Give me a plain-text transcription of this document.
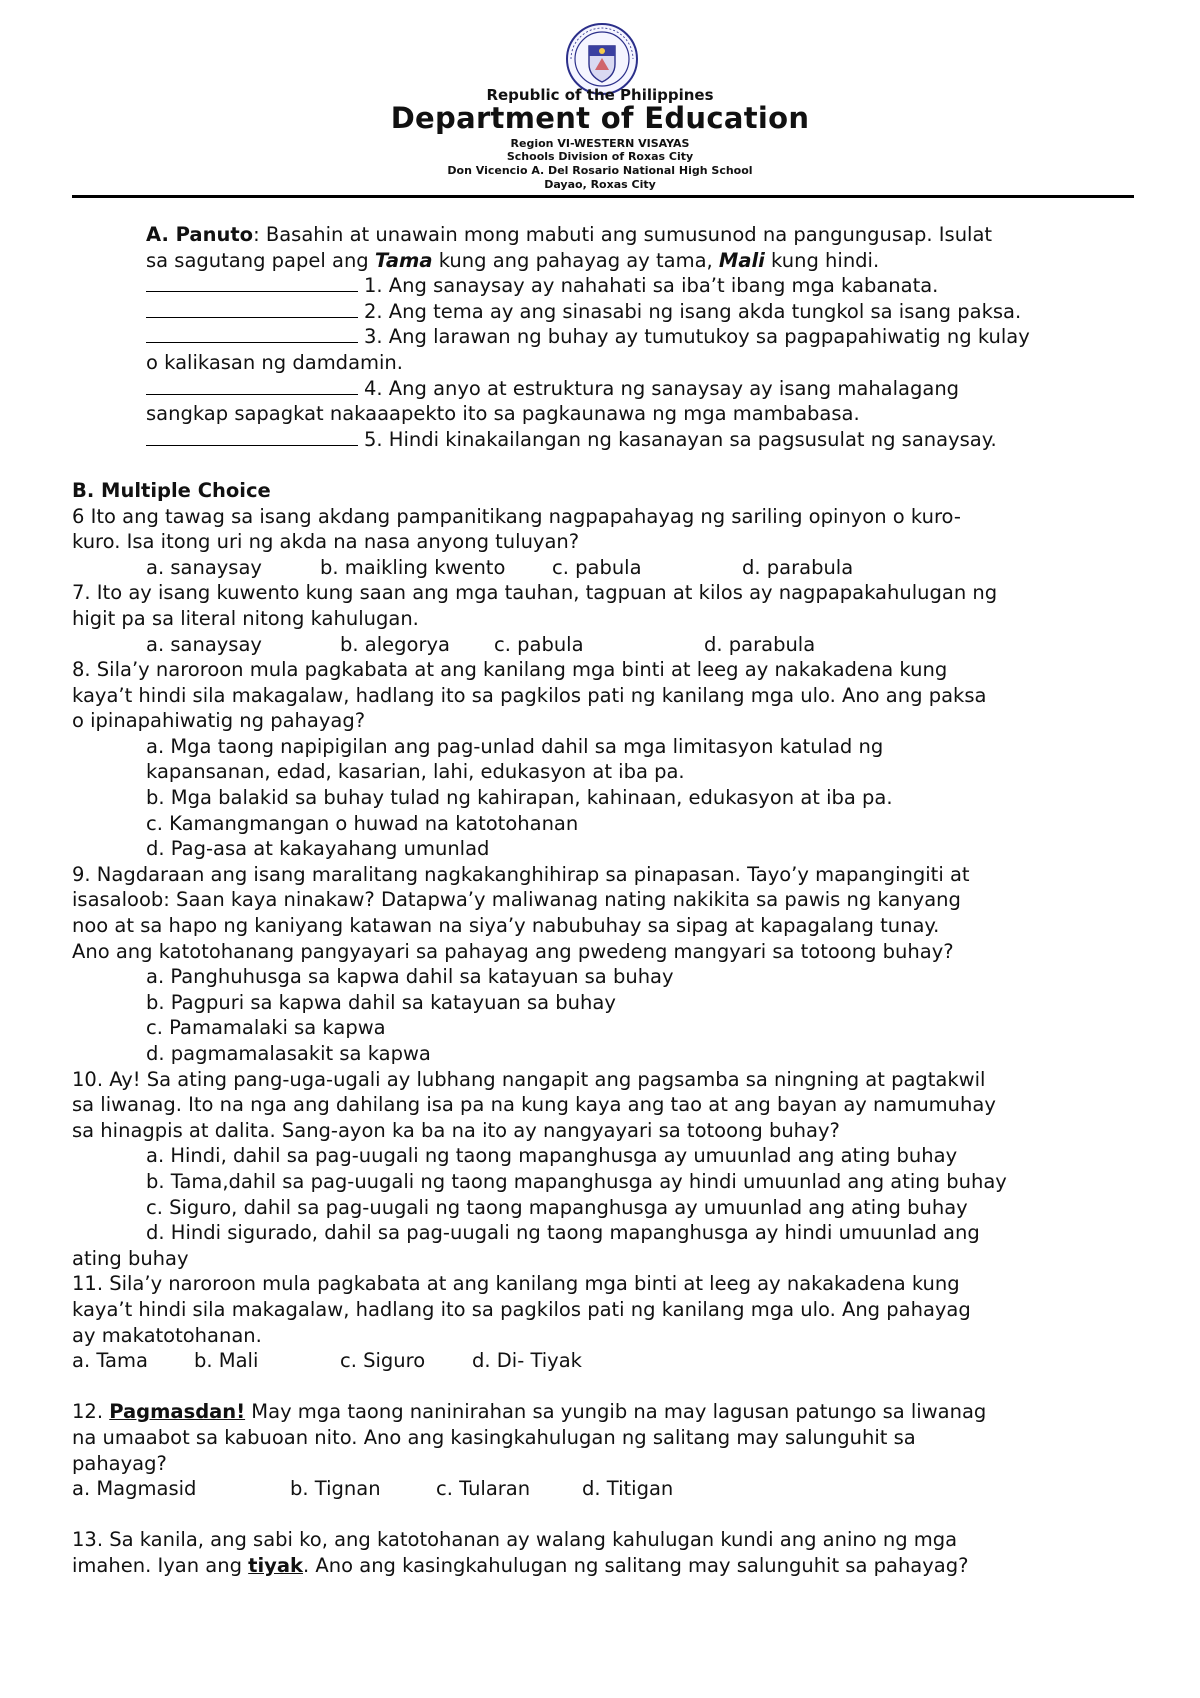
Republic of the Philippines
Department of Education
Region VI-WESTERN VISAYAS
Schools Division of Roxas City
Don Vicencio A. Del Rosario National High School
Dayao, Roxas City
A. Panuto: Basahin at unawain mong mabuti ang sumusunod na pangungusap. Isulat
sa sagutang papel ang Tama kung ang pahayag ay tama, Mali kung hindi.
1. Ang sanaysay ay nahahati sa iba’t ibang mga kabanata.
2. Ang tema ay ang sinasabi ng isang akda tungkol sa isang paksa.
3. Ang larawan ng buhay ay tumutukoy sa pagpapahiwatig ng kulay
o kalikasan ng damdamin.
4. Ang anyo at estruktura ng sanaysay ay isang mahalagang
sangkap sapagkat nakaaapekto ito sa pagkaunawa ng mga mambabasa.
5. Hindi kinakailangan ng kasanayan sa pagsusulat ng sanaysay.
B. Multiple Choice
6 Ito ang tawag sa isang akdang pampanitikang nagpapahayag ng sariling opinyon o kuro-
kuro. Isa itong uri ng akda na nasa anyong tuluyan?
a. sanaysay	b. maikling kwento c. pabula	d. parabula
7. Ito ay isang kuwento kung saan ang mga tauhan, tagpuan at kilos ay nagpapakahulugan ng
higit pa sa literal nitong kahulugan.
a. sanaysay	b. alegorya c. pabula	d. parabula
8. Sila’y naroroon mula pagkabata at ang kanilang mga binti at leeg ay nakakadena kung
kaya’t hindi sila makagalaw, hadlang ito sa pagkilos pati ng kanilang mga ulo. Ano ang paksa
o ipinapahiwatig ng pahayag?
a. Mga taong napipigilan ang pag-unlad dahil sa mga limitasyon katulad ng
kapansanan, edad, kasarian, lahi, edukasyon at iba pa.
b. Mga balakid sa buhay tulad ng kahirapan, kahinaan, edukasyon at iba pa.
c. Kamangmangan o huwad na katotohanan
d. Pag-asa at kakayahang umunlad
9. Nagdaraan ang isang maralitang nagkakanghihirap sa pinapasan. Tayo’y mapangingiti at
isasaloob: Saan kaya ninakaw? Datapwa’y maliwanag nating nakikita sa pawis ng kanyang
noo at sa hapo ng kaniyang katawan na siya’y nabubuhay sa sipag at kapagalang tunay.
Ano ang katotohanang pangyayari sa pahayag ang pwedeng mangyari sa totoong buhay?
a. Panghuhusga sa kapwa dahil sa katayuan sa buhay
b. Pagpuri sa kapwa dahil sa katayuan sa buhay
c. Pamamalaki sa kapwa
d. pagmamalasakit sa kapwa
10. Ay! Sa ating pang-uga-ugali ay lubhang nangapit ang pagsamba sa ningning at pagtakwil
sa liwanag. Ito na nga ang dahilang isa pa na kung kaya ang tao at ang bayan ay namumuhay
sa hinagpis at dalita. Sang-ayon ka ba na ito ay nangyayari sa totoong buhay?
a. Hindi, dahil sa pag-uugali ng taong mapanghusga ay umuunlad ang ating buhay
b. Tama,dahil sa pag-uugali ng taong mapanghusga ay hindi umuunlad ang ating buhay
c. Siguro, dahil sa pag-uugali ng taong mapanghusga ay umuunlad ang ating buhay
d. Hindi sigurado, dahil sa pag-uugali ng taong mapanghusga ay hindi umuunlad ang
ating buhay
11. Sila’y naroroon mula pagkabata at ang kanilang mga binti at leeg ay nakakadena kung
kaya’t hindi sila makagalaw, hadlang ito sa pagkilos pati ng kanilang mga ulo. Ang pahayag
ay makatotohanan.
a. Tama b. Mali	c. Siguro d. Di- Tiyak
12. Pagmasdan! May mga taong naninirahan sa yungib na may lagusan patungo sa liwanag
na umaabot sa kabuoan nito. Ano ang kasingkahulugan ng salitang may salunguhit sa
pahayag?
a. Magmasid	b. Tignan	c. Tularan	d. Titigan
13. Sa kanila, ang sabi ko, ang katotohanan ay walang kahulugan kundi ang anino ng mga
imahen. Iyan ang tiyak. Ano ang kasingkahulugan ng salitang may salunguhit sa pahayag?
